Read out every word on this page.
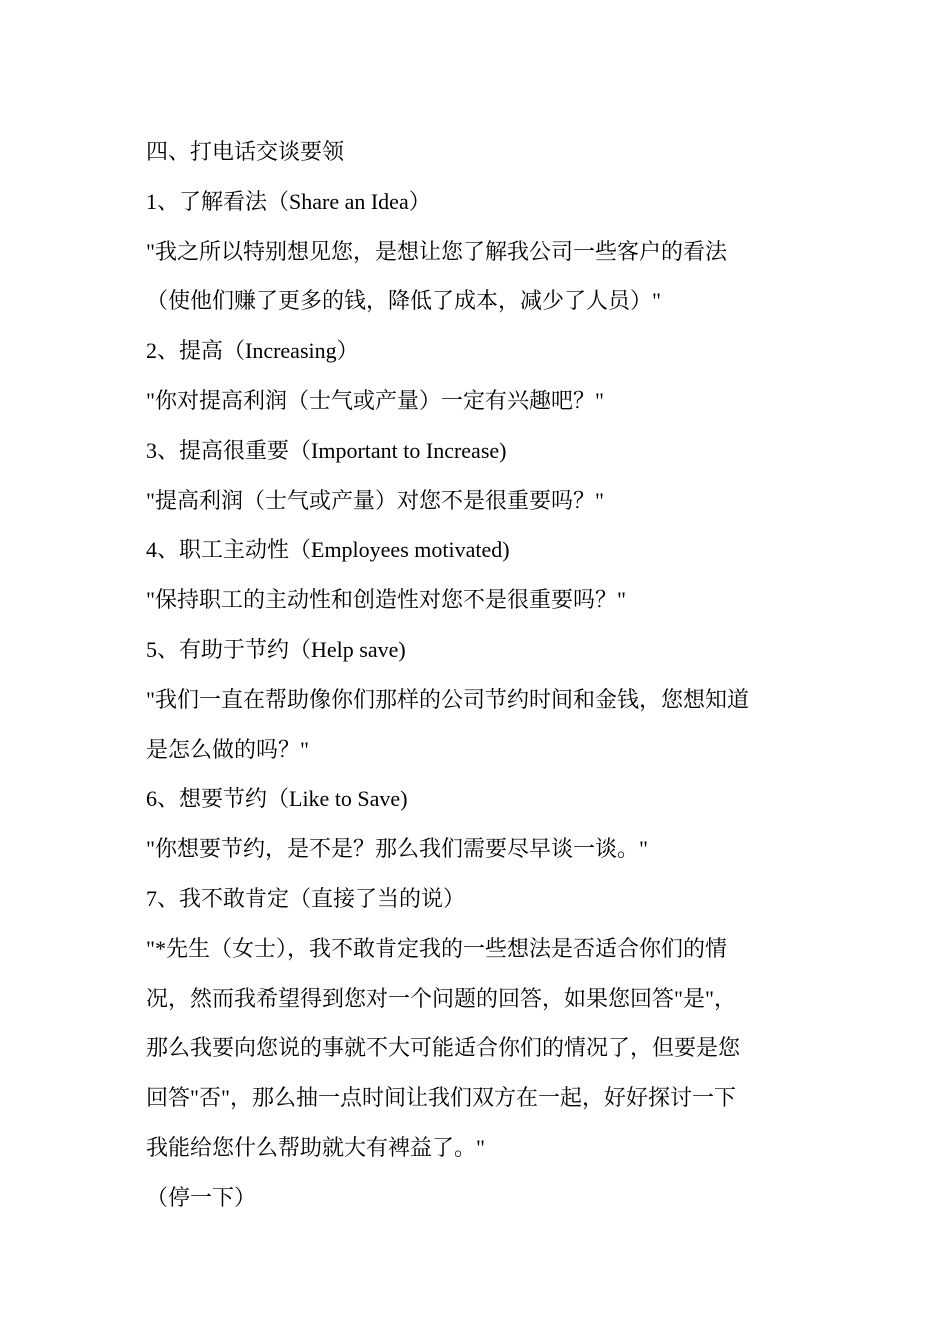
四、打电话交谈要领
1、了解看法（Share an Idea）
"我之所以特别想见您，是想让您了解我公司一些客户的看法
（使他们赚了更多的钱，降低了成本，减少了人员）"
2、提高（Increasing）
"你对提高利润（士气或产量）一定有兴趣吧？"
3、提高很重要（Important to Increase)
"提高利润（士气或产量）对您不是很重要吗？"
4、职工主动性（Employees motivated)
"保持职工的主动性和创造性对您不是很重要吗？"
5、有助于节约（Help save)
"我们一直在帮助像你们那样的公司节约时间和金钱，您想知道
是怎么做的吗？"
6、想要节约（Like to Save)
"你想要节约，是不是？那么我们需要尽早谈一谈。"
7、我不敢肯定（直接了当的说）
"*先生（女士），我不敢肯定我的一些想法是否适合你们的情
况，然而我希望得到您对一个问题的回答，如果您回答"是"，
那么我要向您说的事就不大可能适合你们的情况了，但要是您
回答"否"，那么抽一点时间让我们双方在一起，好好探讨一下
我能给您什么帮助就大有裨益了。"
（停一下）
